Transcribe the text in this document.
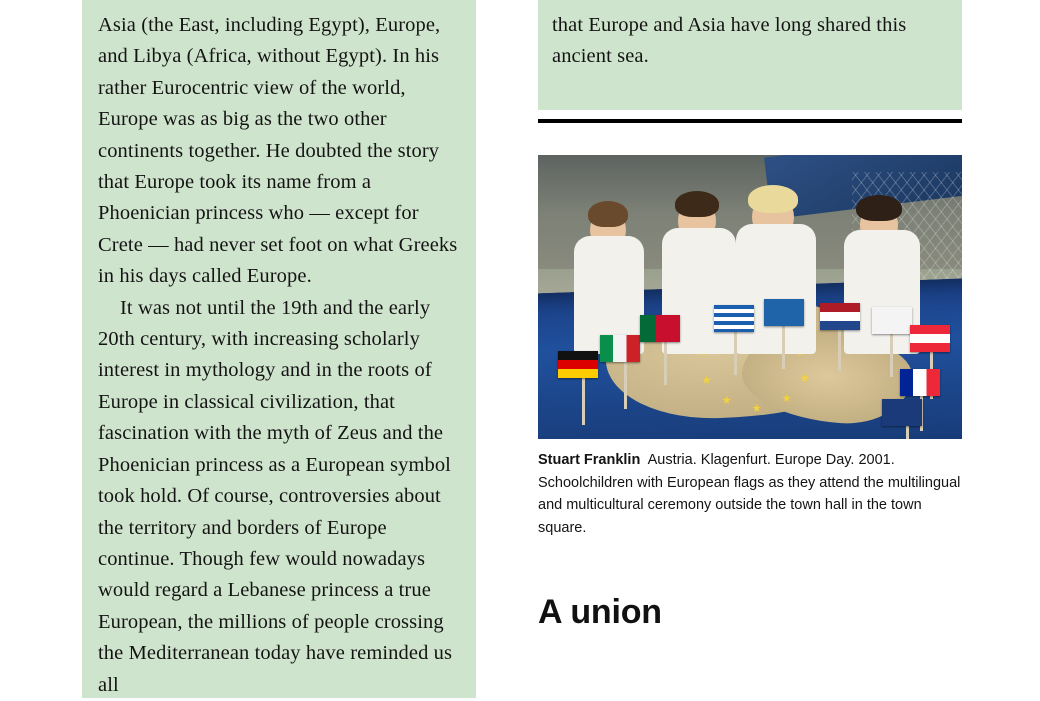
Asia (the East, including Egypt), Europe, and Libya (Africa, without Egypt). In his rather Eurocentric view of the world, Europe was as big as the two other continents together. He doubted the story that Europe took its name from a Phoenician princess who — except for Crete — had never set foot on what Greeks in his days called Europe.

It was not until the 19th and the early 20th century, with increasing scholarly interest in mythology and in the roots of Europe in classical civilization, that fascination with the myth of Zeus and the Phoenician princess as a European symbol took hold. Of course, controversies about the territory and borders of Europe continue. Though few would nowadays would regard a Lebanese princess a true European, the millions of people crossing the Mediterranean today have reminded us all

that Europe and Asia have long shared this ancient sea.
Stuart Franklin Austria. Klagenfurt. Europe Day. 2001. Schoolchildren with European flags as they attend the multilingual and multicultural ceremony outside the town hall in the town square.
A union
